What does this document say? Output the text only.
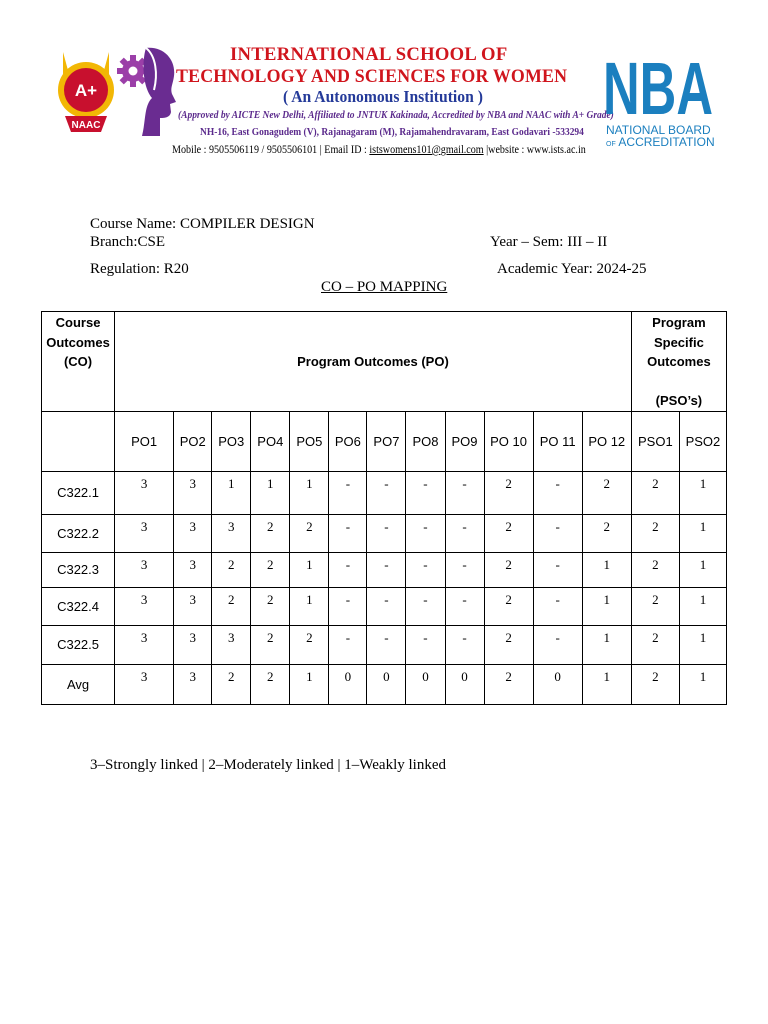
A+
NAAC
INTERNATIONAL SCHOOL OF
TECHNOLOGY AND SCIENCES FOR WOMEN
( An Autonomous Institution )
(Approved by AICTE New Delhi, Affiliated to JNTUK Kakinada, Accredited by NBA and NAAC with A+ Grade)
NH-16, East Gonagudem (V), Rajanagaram (M), Rajamahendravaram, East Godavari -533294
Mobile : 9505506119 / 9505506101 | Email ID : istswomens101@gmail.com |website : www.ists.ac.in
NBA
NATIONAL BOARD
OF ACCREDITATION
Course Name: COMPILER DESIGN
Branch:CSE	Year – Sem: III – II
Regulation: R20	Academic Year: 2024-25
CO – PO MAPPING
Course
Outcomes
(CO)	Program Outcomes (PO)												Program
Specific
Outcomes

(PSO’s)	

	PO1	PO2	PO3	PO4	PO5	PO6	PO7	PO8	PO9	PO 10	PO 11	PO 12	PSO1	PSO2
C322.1	3	3	1	1	1	-	-	-	-	2	-	2	2	1
C322.2	3	3	3	2	2	-	-	-	-	2	-	2	2	1
C322.3	3	3	2	2	1	-	-	-	-	2	-	1	2	1
C322.4	3	3	2	2	1	-	-	-	-	2	-	1	2	1
C322.5	3	3	3	2	2	-	-	-	-	2	-	1	2	1
Avg	3	3	2	2	1	0	0	0	0	2	0	1	2	1
3–Strongly linked | 2–Moderately linked | 1–Weakly linked
